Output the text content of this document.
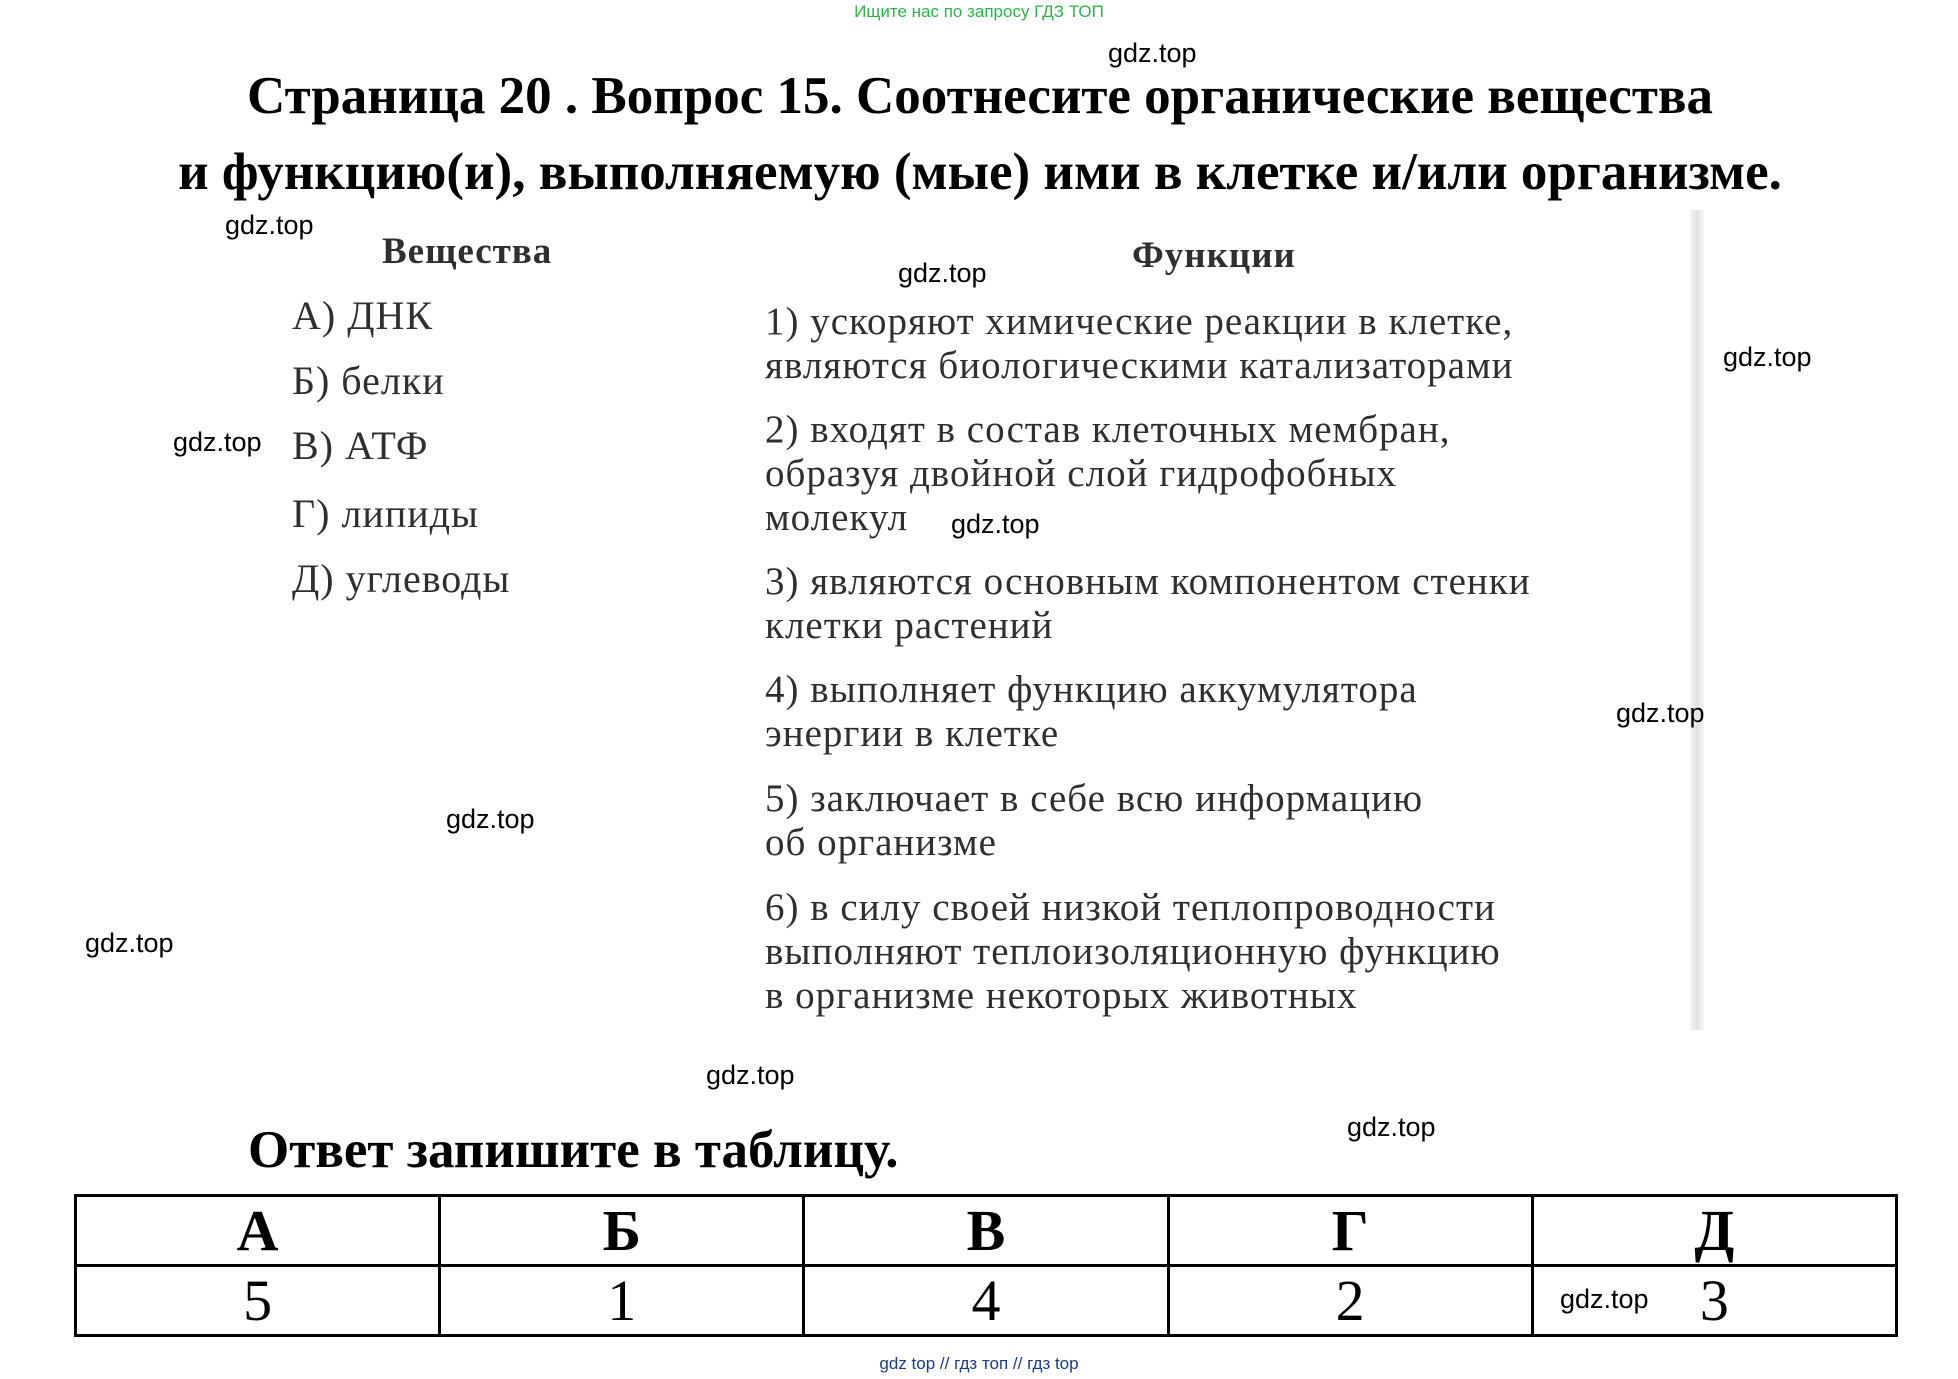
Ищите нас по запросу ГДЗ ТОП
Страница 20 . Вопрос 15. Соотнесите органические вещества
и функцию(и), выполняемую (мые) ими в клетке и/или организме.
Вещества
А) ДНК
Б) белки
В) АТФ
Г) липиды
Д) углеводы
Функции
1) ускоряют химические реакции в клетке,
являются биологическими катализаторами
2) входят в состав клеточных мембран,
образуя двойной слой гидрофобных
молекул
3) являются основным компонентом стенки
клетки растений
4) выполняет функцию аккумулятора
энергии в клетке
5) заключает в себе всю информацию
об организме
6) в силу своей низкой теплопроводности
выполняют теплоизоляционную функцию
в организме некоторых животных
gdz.top
gdz.top
gdz.top
gdz.top
gdz.top
gdz.top
gdz.top
gdz.top
gdz.top
gdz.top
gdz.top
Ответ запишите в таблицу.
А	Б	В	Г	Д
5	1	4	2	3
gdz.top
gdz top // гдз топ // гдз top
